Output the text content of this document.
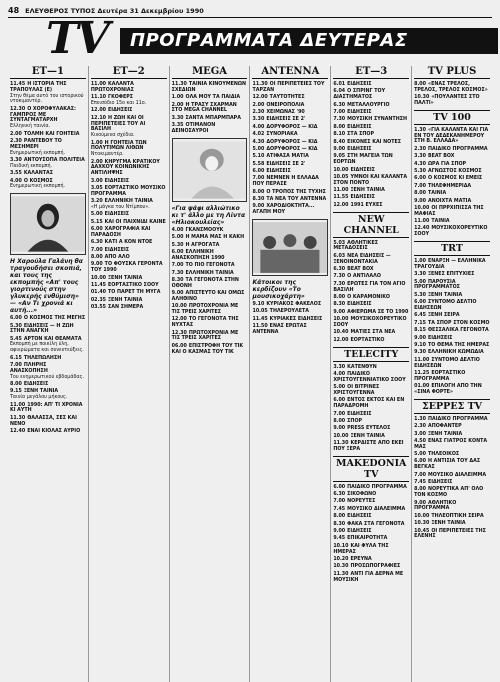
48 ΕΛΕΥΘΕΡΟΣ ΤΥΠΟΣ Δευτέρα 31 Δεκεμβρίου 1990
TV	ΠΡΟΓΡΑΜΜΑΤΑ ΔΕΥΤΕΡΑΣ
ΕΤ—1
11.45 Η ΙΣΤΟΡΙΑ ΤΗΣ ΤΡΑΠΟΥΛΑΣ (Ε)
Στην θέμα αυτό του ιστορικού ντοκιμαντέρ.
12.30 Ο ΧΟΡΟΦΥΛΑΚΑΣ: ΓΑΜΠΡΟΣ ΜΕ ΣΥΝΤΑΓΜΑΤΑΡΧΗ
Ελληνική ταινία.
2.00 ΤΟΛΜΗ ΚΑΙ ΓΟΗΤΕΙΑ
2.30 ΡΑΝΤΕΒΟΥ ΤΟ ΜΕΣΗΜΕΡΙ
Ενημερωτική εκπομπή.
3.30 ΑΝΤΟΥΣΟΠΑ ΠΟΛΙΤΕΙΑ
Παιδική εκπομπή.
3.55 ΚΑΛΑΝΤΑΣ
4.00 Ο ΚΟΣΜΟΣ
Ενημερωτική εκπομπή.
Η Χαρούλα Γαλάνη θα τραγουδήσει σκοπιά, και τους της εκπομπής «Απ' τους γιορτινούς στην γλυκερής ενθύμιση» — «Αν Τι χρονιά κι αυτή...»
6.00 Ο ΚΟΣΜΟΣ ΤΗΣ ΜΕΓΗΣ
5.30 ΕΙΔΗΣΕΙΣ — Η ΖΩΗ ΣΤΗΝ ΑΝΑΓΚΗ
5.45 ΑΡΤΟΝ ΚΑΙ ΘΕΑΜΑΤΑ
Εκπομπή με ποικίλη ύλη, αφιερώματα και συνεντεύξεις.
6.15 ΤΗΛΕΠΩΛΗΣΗ
7.00 ΠΛΗΡΗΣ ΑΝΑΣΚΟΠΗΣΗ
Του ενημερωτικού εβδομάδας.
8.00 ΕΙΔΗΣΕΙΣ
9.15 ΞΕΝΗ ΤΑΙΝΙΑ
Ταινία μεγάλου μήκους.
11.00 1990: ΑΠ' ΤΙ ΧΡΟΝΙΑ ΚΙ ΑΥΤΗ
11.30 ΘΑΛΑΣΣΑ, ΣΕΣ ΚΑΙ ΝΕΝΟ
12.40 ΕΝΑΙ ΚΙΟΛΑΣ ΑΥΡΙΟ
ΕΤ—2
11.00 ΚΑΛΑΝΤΑ ΠΡΩΤΟΧΡΟΝΙΑΣ
11.10 ΓΚΟΦΕΡΣ
Επεισόδιο 15ο και 11ο.
12.00 ΕΙΔΗΣΕΙΣ
12.10 Η ΖΩΗ ΚΑΙ ΟΙ ΠΕΡΙΠΕΤΕΙΕΣ ΤΟΥ ΑΙ ΒΑΣΙΛΗ
Κινούμενα σχέδια.
1.00 Η ΓΟΗΤΕΙΑ ΤΩΝ ΠΟΛΥΤΙΜΩΝ ΛΙΘΩΝ
Ντοκιμαντέρ.
2.00 ΚΗΡΥΓΜΑ ΚΡΑΤΙΚΟΥ ΔΑΧΚΟΥ ΚΟΙΝΩΝΙΚΗΣ ΑΝΤΙΛΗΨΗΣ
3.00 ΕΙΔΗΣΕΙΣ
3.05 ΕΟΡΤΑΣΤΙΚΟ ΜΟΥΣΙΚΟ ΠΡΟΓΡΑΜΜΑ
3.20 ΕΛΛΗΝΙΚΗ ΤΑΙΝΙΑ
«Η μάγκα του Ντίμπου».
5.00 ΕΙΔΗΣΕΙΣ
5.15 ΚΑΙ ΟΙ ΠΑΙΧΝΙΔΙ ΚΑΙΝΕ
6.00 ΧΑΡΟΓΡΑΦΙΑ ΚΑΙ ΠΑΡΑΔΟΣΗ
6.30 ΚΑΤΙ Α ΚΟΝ ΝΤΟΕ
7.00 ΕΙΔΗΣΕΙΣ
8.00 ΑΠΟ ΑΛΟ
9.00 ΤΟ ΦΟΥΣΚΑ ΓΕΡΟΝΤΑ ΤΟΥ 1990
10.00 ΞΕΝΗ ΤΑΙΝΙΑ
11.45 ΕΟΡΤΑΣΤΙΚΟ ΣΟΟΥ
01.40 ΤΟ ΠΑΡΕΤ ΤΗ ΜΥΓΑ
02.35 ΞΕΝΗ ΤΑΙΝΙΑ
03.55 ΣΑΝ ΣΗΜΕΡΑ
MEGA
11.30 ΤΑΙΝΙΑ ΚΙΝΟΥΜΕΝΩΝ ΣΧΕΔΙΩΝ
1.00 ΟΛΑ ΜΟΥ ΤΑ ΠΑΙΔΙΑ
2.00 Η ΤΡΑΣΥ ΣΧΑΡΜΑΝ ΣΤΟ MEGA CHANNEL
3.30 ΣΑΝΤΑ ΜΠΑΡΜΠΑΡΑ
3.35 ΟΤΙΜΑΝΟΝ ΔΕΙΝΟΣΑΥΡΟΙ
«Για ψάφι αλλιώτικο κι τ' άλλο με τη Λίντα «Ηλιοκουλείας»
4.00 ΓΚΑΝΣΜΟΟΥΚ
5.00 Η ΜΑΜΑ ΜΑΣ Η ΚΑΚΗ
5.30 Η ΑΓΡΟΓΑΤΑ
6.00 ΕΛΛΗΝΙΚΗ ΑΝΑΣΚΟΠΗΣΗ 1990
7.00 ΤΟ ΠΙΟ ΓΕΓΟΝΟΤΑ
7.30 ΕΛΛΗΝΙΚΗ ΤΑΙΝΙΑ
8.30 ΤΑ ΓΕΓΟΝΟΤΑ ΣΤΗΝ ΟΘΟΝΗ
9.00 ΑΠΙΣΤΕΥΤΟ ΚΑΙ ΟΜΩΣ ΑΛΗΘΙΝΟ
10.00 ΠΡΟΤΟΧΡΟΝΙΑ ΜΕ ΤΙΣ ΤΡΕΙΣ ΧΑΡΙΤΕΣ
12.00 ΤΟ ΓΕΓΟΝΟΤΑ ΤΗΣ ΝΥΧΤΑΣ
12.30 ΠΡΩΤΟΧΡΟΝΙΑ ΜΕ ΤΙΣ ΤΡΕΙΣ ΧΑΡΙΤΕΣ
06.00 ΕΠΙΣΤΡΟΦΗ ΤΟΥ ΤΙΚ ΚΑΙ Ο ΚΑΣΜΑΣ ΤΟΥ ΤΙΚ
ΑΝΤΕΝΝΑ
11.30 ΟΙ ΠΕΡΙΠΕΤΕΙΕΣ ΤΟΥ ΤΑΡΖΑΝ
12.00 ΤΑΥΤΟΤΗΤΕΣ
2.00 ΟΝΕΙΡΟΠΟΛΙΑ
2.30 ΧΕΙΜΩΝΑΣ '90
3.30 ΕΙΔΗΣΕΙΣ ΣΕ 2'
4.00 ΔΟΡΥΦΟΡΟΣ — ΚΙΔ
4.02 ΣΥΝΟΡΙΑΚΑ
4.30 ΔΟΡΥΦΟΡΟΣ — ΚΙΔ
5.00 ΔΟΡΥΦΟΡΟΣ — ΚΙΔ
5.10 ΑΤΙΦΑΣΑ ΜΑΤΙΑ
5.58 ΕΙΔΗΣΕΙΣ ΣΕ 2'
6.00 ΕΙΔΗΣΕΙΣ
7.00 ΝΕΜΝΕΝ Η ΕΛΛΑΔΑ ΠΟΥ ΠΕΡΑΣΕ
8.00 Ο ΤΡΟΠΟΣ ΤΗΣ ΤΥΧΗΣ
8.30 ΤΑ ΝΕΑ ΤΟΥ ANTENNA
9.00 ΧΑΡΟΔΙΟΚΤΗΤΑ... ΑΓΑΠΗ ΜΟΥ
Κάτοικοι της κερδίζουν «Το μουσικοχάρτη»
9.10 ΚΥΡΙΑΚΟΣ ΦΑΚΕΛΟΣ
10.05 ΤΗΛΕΡΟΥΛΕΤΑ
11.45 ΚΥΡΙΑΚΕΣ ΕΙΔΗΣΕΙΣ
11.50 ΕΝΑΣ ΕΡΩΤΑΣ ANTENNA
ΕΤ—3
6.01 ΕΙΔΗΣΕΙΣ
6.04 Ο ΣΠΡΙΝΓ ΤΟΥ ΔΙΑΣΤΗΜΑΤΟΣ
6.30 ΜΕΤΑΛΛΟΥΡΓΙΟ
7.00 ΕΙΔΗΣΕΙΣ
7.30 ΜΟΥΣΙΚΗ ΣΥΝΑΝΤΗΣΗ
8.00 ΕΙΔΗΣΕΙΣ
8.10 ΣΤΑ ΣΠΟΡ
8.40 ΕΙΚΟΝΕΣ ΚΑΙ ΝΟΤΕΣ
9.00 ΕΙΔΗΣΕΙΣ
9.05 ΣΤΗ ΜΑΓΕΙΑ ΤΩΝ ΕΟΡΤΩΝ
10.00 ΕΙΔΗΣΕΙΣ
10.05 ΥΜΝΟΙ ΚΑΙ ΚΑΛΑΝΤΑ ΣΤΟΝ ΠΟΝΤΟ
11.00 ΞΕΝΗ ΤΑΙΝΙΑ
11.55 ΕΙΔΗΣΕΙΣ
12.00 1991 ΕΥΧΕΣ
NEW CHANNEL
5.03 ΑΘΛΗΤΙΚΕΣ ΜΕΤΑΔΟΣΕΙΣ
6.03 ΝΕΑ ΕΙΔΗΣΕΙΣ — ΞΕΝΟΙΝΟΝΤΑΚΙΑ
6.30 BEAT BOX
7.30 Ο ΑΝΤΙΛΑΛΟ
7.30 ΕΡΩΤΕΣ ΓΙΑ ΤΟΝ ΑΓΙΟ ΒΑΣΙΛΗ
8.00 Ο ΚΑΡΑΜΟΝΙΚΟ
8.30 ΕΙΔΗΣΕΙΣ
9.00 ΑΦΙΕΡΩΜΑ ΣΕ ΤΟ 1990
10.00 ΜΟΥΣΙΚΟΧΟΡΕΥΤΙΚΟ ΣΟΟΥ
10.40 ΜΑΤΙΕΣ ΣΤΑ ΝΕΑ
12.00 ΕΟΡΤΑΣΤΙΚΟ
TELECITY
3.30 ΚΑΤΕΝΘΥΝ
4.00 ΠΑΙΔΙΚΟ ΧΡΙΣΤΟΥΓΕΝΝΙΑΤΙΚΟ ΣΟΟΥ
5.00 ΟΙ ΒΙΤΡΙΝΕΣ ΧΡΙΣΤΟΥΓΕΝΝΑ
6.00 ΕΝΤΟΣ ΕΚΤΟΣ ΚΑΙ ΕΝ ΠΑΡΑΔΡΟΜΗ
7.00 ΕΙΔΗΣΕΙΣ
8.00 ΣΠΟΡ
9.00 PRESS ΕΥΤΕΛΟΣ
10.00 ΞΕΝΗ ΤΑΙΝΙΑ
11.30 ΚΕΡΔΙΣΤΕ ΑΠΟ ΕΚΕΙ ΠΟΥ ΞΕΡΑ
MAKEDONIA TV
6.00 ΠΑΙΔΙΚΟ ΠΡΟΓΡΑΜΜΑ
6.30 ΣΙΚΟΦΩΝΟ
7.00 ΝΟΡΕΥΤΕΣ
7.45 ΜΟΥΣΙΚΟ ΔΙΑΛΕΙΜΜΑ
8.00 ΕΙΔΗΣΕΙΣ
8.30 ΦΑΚΑ ΣΤΑ ΓΕΓΟΝΟΤΑ
9.00 ΕΙΔΗΣΕΙΣ
9.45 ΕΠΙΚΑΙΡΟΤΗΤΑ
10.10 ΚΑΙ ΦΥΛΑ ΤΗΣ ΗΜΕΡΑΣ
10.20 ΕΡΕΥΝΑ
10.30 ΠΡΟΣΩΠΟΓΡΑΦΙΕΣ
11.30 ΑΝΤΙ ΓΙΑ ΔΕΡΝΑ ΜΕ ΜΟΥΣΙΚΗ
TV PLUS
8.00 «ΕΝΑΣ ΤΡΕΛΟΣ, ΤΡΕΛΟΣ, ΤΡΕΛΟΣ ΚΟΣΜΟΣ»
10.30 «ΠΟΥΛΑΝΤΕΣ ΣΤΟ ΠΑΛΤΙ»
TV 100
1.30 «ΓΙΑ ΚΑΛΑΝΤΑ ΚΑΙ ΓΙΑ ΕΝ ΤΟΥ ΔΕΔΕΚΑΝΗΜΕΡΟΥ ΣΤΗ Β. ΕΛΛΑΔΑ»
2.30 ΠΑΙΔΙΚΟ ΠΡΟΓΡΑΜΜΑ
3.30 BEAT BOX
4.30 ΩΡΑ ΓΙΑ ΣΠΟΡ
5.30 ΑΓΝΩΣΤΟΣ ΚΟΣΜΟΣ
6.00 Ο ΚΟΣΜΟΣ ΚΙ ΕΜΕΙΣ
7.00 ΤΗΛΕΦΗΜΕΡΙΔΑ
8.00 ΤΑΙΝΙΑ
9.00 ΑΝΟΙΧΤΑ ΜΑΤΙΑ
10.00 ΟΙ ΠΡΡΧΙΠΙΣΣΑ ΤΗΣ ΜΑΦΙΑΣ
11.00 ΤΑΙΝΙΑ
12.40 ΜΟΥΣΙΚΟΧΟΡΕΥΤΙΚΟ ΣΟΟΥ
TRT
1.00 ΕΝΑΡΞΗ — ΕΛΛΗΝΙΚΑ ΤΡΑΓΟΥΔΙΑ
3.30 ΞΕΝΕΣ ΕΠΙΤΥΧΙΕΣ
5.00 ΠΑΡΟΥΣΙΑ ΠΡΟΓΡΑΜΜΑΤΟΣ
5.30 ΞΕΝΗ ΤΑΙΝΙΑ
6.00 ΣΥΝΤΟΜΟ ΔΕΛΤΙΟ ΕΙΔΗΣΕΩΝ
6.45 ΞΕΝΗ ΣΕΙΡΑ
7.15 ΤΑ ΣΠΟΡ ΣΤΟΝ ΚΟΣΜΟ
8.15 ΘΕΣΣΑΛΙΚΑ ΓΕΓΟΝΟΤΑ
9.00 ΕΙΔΗΣΕΙΣ
9.10 ΤΟ ΘΕΜΑ ΤΗΣ ΗΜΕΡΑΣ
9.30 ΕΛΛΗΝΙΚΗ ΚΩΜΩΔΙΑ
11.00 ΣΥΝΤΟΜΟ ΔΕΛΤΙΟ ΕΙΔΗΣΕΩΝ
11.25 ΕΟΡΤΑΣΤΙΚΟ ΠΡΟΓΡΑΜΜΑ
01.00 ΕΠΙΛΟΓΗ ΑΠΟ ΤΗΝ «ΣΙΝΑ ΦΟΡΤΕ»
ΣΕΡΡΕΣ TV
1.30 ΠΑΙΔΙΚΟ ΠΡΟΓΡΑΜΜΑ
2.30 ΑΠΟΦΑΝΤΕΡ
3.00 ΞΕΝΗ ΤΑΙΝΙΑ
4.50 ΕΝΑΣ ΓΙΑΤΡΟΣ ΚΟΝΤΑ ΜΑΣ
5.00 ΤΗΛΕΟΙΚΟΣ
6.00 Η ΑΝΤΙΣΙΑ ΤΟΥ ΔΑΣ ΒΕΓΚΑΣ
7.00 ΜΟΥΣΙΚΟ ΔΙΑΛΕΙΜΜΑ
7.45 ΕΙΔΗΣΕΙΣ
8.00 ΝΟΡΕΥΤΙΚΑ ΑΠ' ΟΛΟ ΤΟΝ ΚΟΣΜΟ
9.00 ΑΘΛΗΤΙΚΟ ΠΡΟΓΡΑΜΜΑ
10.00 ΤΗΛΕΟΠΤΙΚΗ ΣΕΙΡΑ
10.30 ΞΕΝΗ ΤΑΙΝΙΑ
10.45 ΟΙ ΠΕΡΙΠΕΤΕΙΕΣ ΤΗΣ ΕΛΕΝΗΣ
